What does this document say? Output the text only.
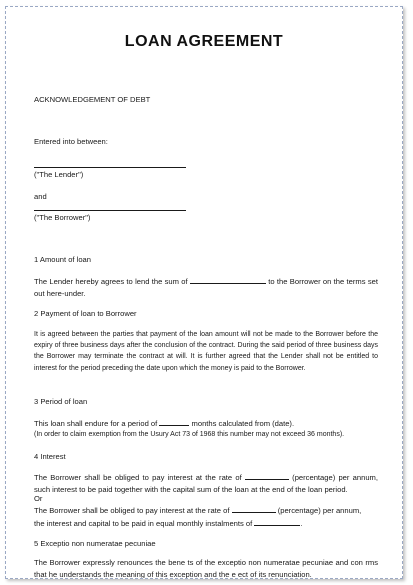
LOAN AGREEMENT
ACKNOWLEDGEMENT OF DEBT
Entered into between:
("The Lender")
and
("The Borrower")
1 Amount of loan
The Lender hereby agrees to lend the sum of	to the Borrower on the terms set out here-under.
2 Payment of loan to Borrower
It is agreed between the parties that payment of the loan amount will not be made to the Borrower before the expiry of three business days after the conclusion of the contract. During the said period of three business days the Borrower may terminate the contract at will. It is further agreed that the Lender shall not be entitled to interest for the period preceding the date upon which the money is paid to the Borrower.
3 Period of loan
This loan shall endure for a period of	months calculated from (date).
(In order to claim exemption from the Usury Act 73 of 1968 this number may not exceed 36 months).
4 Interest
The Borrower shall be obliged to pay interest at the rate of	(percentage) per annum, such interest to be paid together with the capital sum of the loan at the end of the loan period.
Or
The Borrower shall be obliged to pay interest at the rate of	(percentage) per annum,
the interest and capital to be paid in equal monthly instalments of	.
5 Exceptio non numeratae pecuniae
The Borrower expressly renounces the bene ts of the exceptio non numeratae pecuniae and con rms that he understands the meaning of this exception and the e ect of its renunciation.
